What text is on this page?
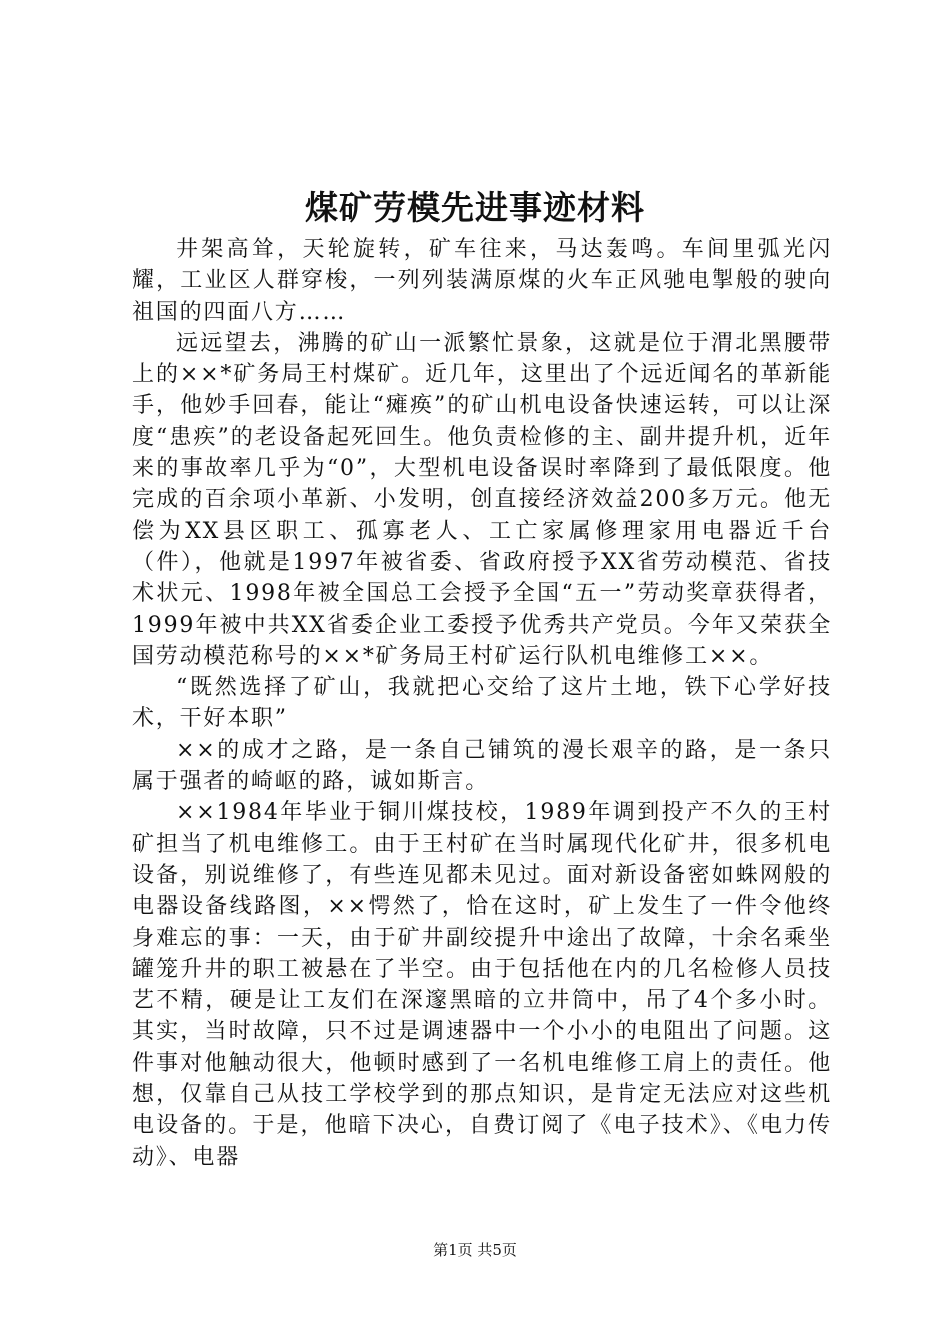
煤矿劳模先进事迹材料

井架高耸，天轮旋转，矿车往来，马达轰鸣。车间里弧光闪耀，工业区人群穿梭，一列列装满原煤的火车正风驰电掣般的驶向祖国的四面八方……

远远望去，沸腾的矿山一派繁忙景象，这就是位于渭北黑腰带上的××*矿务局王村煤矿。近几年，这里出了个远近闻名的革新能手，他妙手回春，能让“瘫痪”的矿山机电设备快速运转，可以让深度“患疾”的老设备起死回生。他负责检修的主、副井提升机，近年来的事故率几乎为“0”，大型机电设备误时率降到了最低限度。他完成的百余项小革新、小发明，创直接经济效益200多万元。他无偿为XX县区职工、孤寡老人、工亡家属修理家用电器近千台（件），他就是1997年被省委、省政府授予XX省劳动模范、省技术状元、1998年被全国总工会授予全国“五一”劳动奖章获得者，1999年被中共XX省委企业工委授予优秀共产党员。今年又荣获全国劳动模范称号的××*矿务局王村矿运行队机电维修工××。

“既然选择了矿山，我就把心交给了这片土地，铁下心学好技术，干好本职”

××的成才之路，是一条自己铺筑的漫长艰辛的路，是一条只属于强者的崎岖的路，诚如斯言。

××1984年毕业于铜川煤技校，1989年调到投产不久的王村矿担当了机电维修工。由于王村矿在当时属现代化矿井，很多机电设备，别说维修了，有些连见都未见过。面对新设备密如蛛网般的电器设备线路图，××愕然了，恰在这时，矿上发生了一件令他终身难忘的事：一天，由于矿井副绞提升中途出了故障，十余名乘坐罐笼升井的职工被悬在了半空。由于包括他在内的几名检修人员技艺不精，硬是让工友们在深邃黑暗的立井筒中，吊了4个多小时。其实，当时故障，只不过是调速器中一个小小的电阻出了问题。这件事对他触动很大，他顿时感到了一名机电维修工肩上的责任。他想，仅靠自己从技工学校学到的那点知识，是肯定无法应对这些机电设备的。于是，他暗下决心，自费订阅了《电子技术》、《电力传动》、电器

第1页 共5页
